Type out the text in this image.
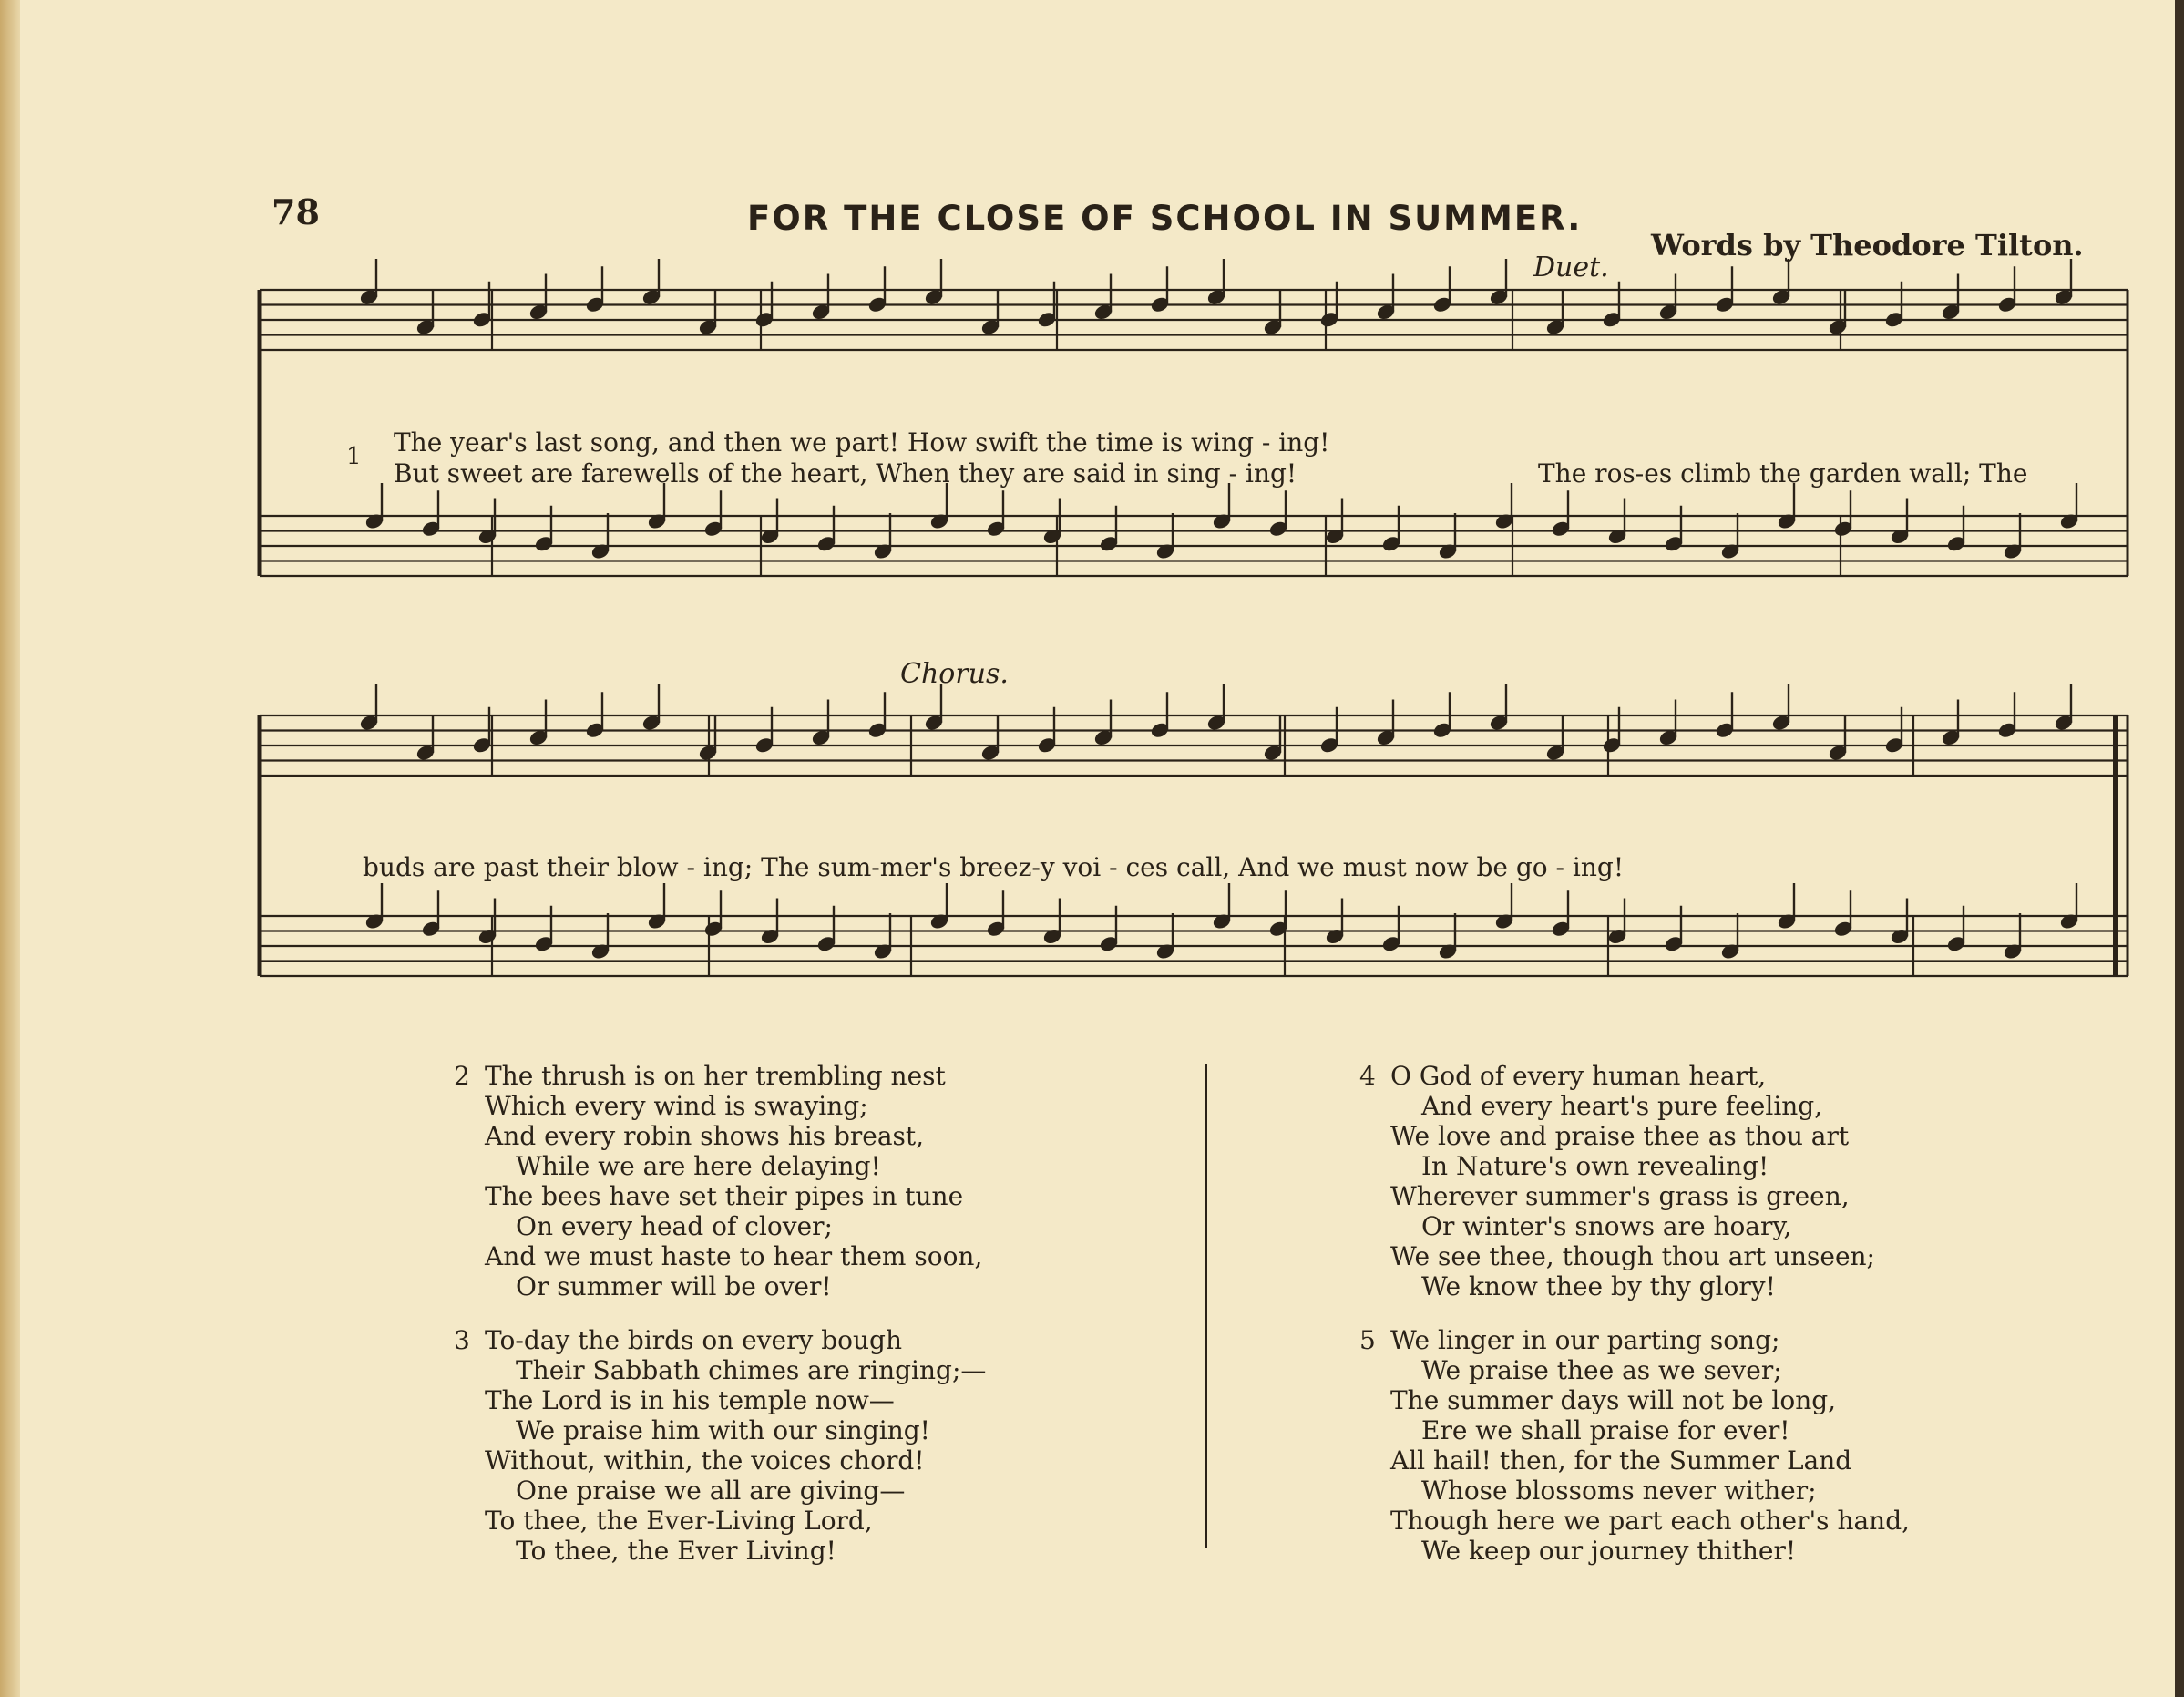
78	FOR THE CLOSE OF SCHOOL IN SUMMER.
Words by Theodore Tilton.
Duet.
Chorus.
1 The year's last song, and then we part! How swift the time is wing - ing!
But sweet are farewells of the heart, When they are said in sing - ing!	The ros-es climb the garden wall; The
buds are past their blow - ing; The sum-mer's breez-y voi - ces call, And we must now be go - ing!
2 The thrush is on her trembling nest
Which every wind is swaying;
And every robin shows his breast,
While we are here delaying!
The bees have set their pipes in tune
On every head of clover;
And we must haste to hear them soon,
Or summer will be over!
3 To-day the birds on every bough
Their Sabbath chimes are ringing;—
The Lord is in his temple now—
We praise him with our singing!
Without, within, the voices chord!
One praise we all are giving—
To thee, the Ever-Living Lord,
To thee, the Ever Living!
4 O God of every human heart,
And every heart's pure feeling,
We love and praise thee as thou art
In Nature's own revealing!
Wherever summer's grass is green,
Or winter's snows are hoary,
We see thee, though thou art unseen;
We know thee by thy glory!
5 We linger in our parting song;
We praise thee as we sever;
The summer days will not be long,
Ere we shall praise for ever!
All hail! then, for the Summer Land
Whose blossoms never wither;
Though here we part each other's hand,
We keep our journey thither!
